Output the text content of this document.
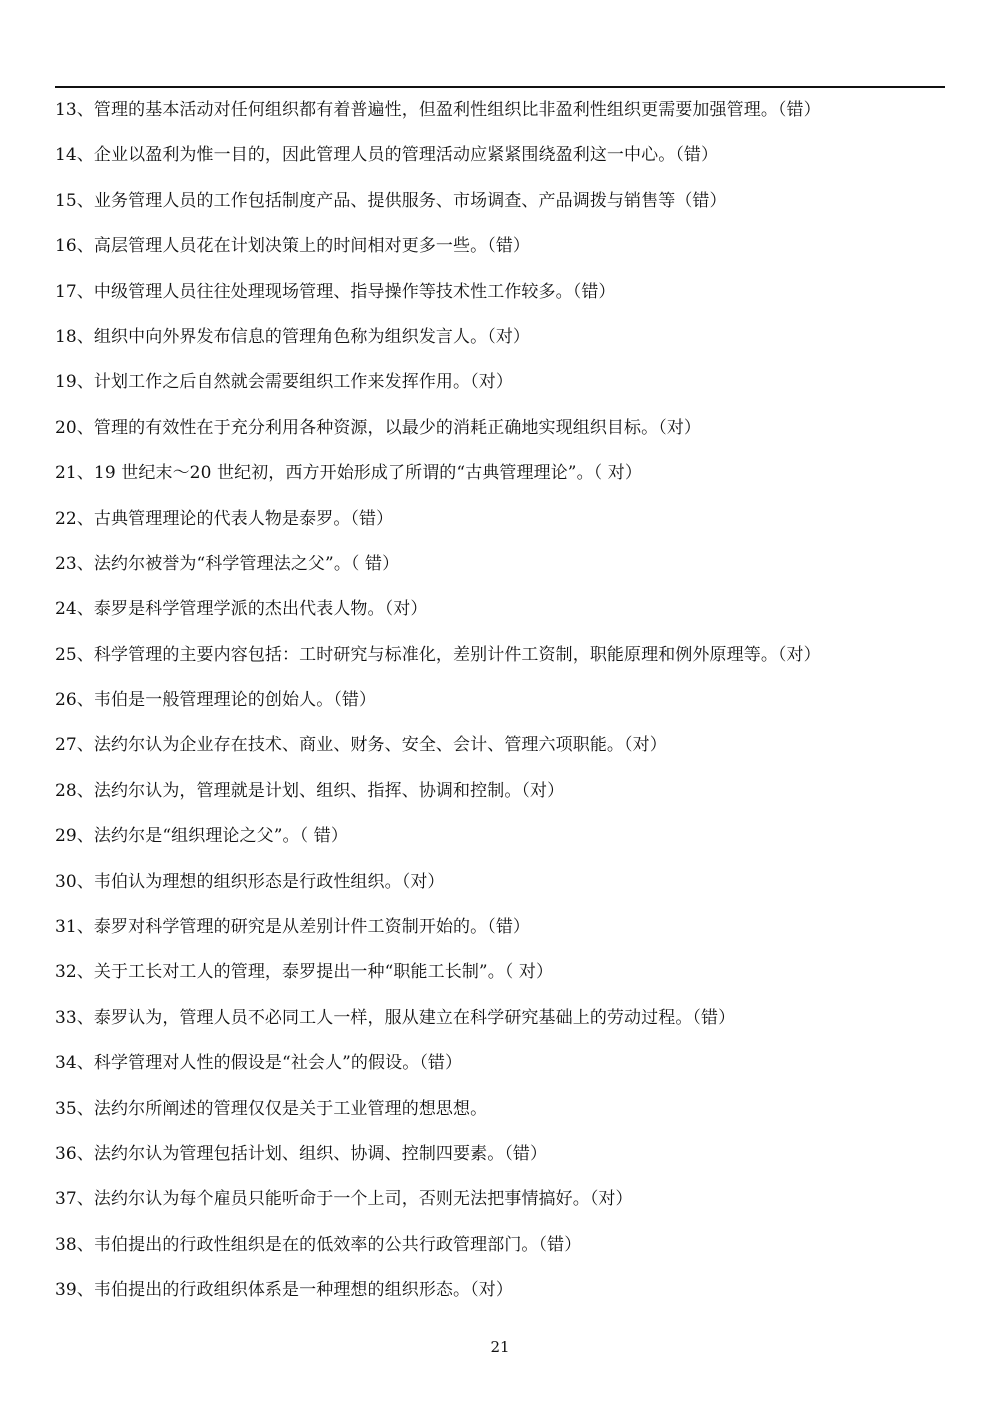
13、管理的基本活动对任何组织都有着普遍性，但盈利性组织比非盈利性组织更需要加强管理。（错）
14、企业以盈利为惟一目的，因此管理人员的管理活动应紧紧围绕盈利这一中心。（错）
15、业务管理人员的工作包括制度产品、提供服务、市场调查、产品调拨与销售等（错）
16、高层管理人员花在计划决策上的时间相对更多一些。（错）
17、中级管理人员往往处理现场管理、指导操作等技术性工作较多。（错）
18、组织中向外界发布信息的管理角色称为组织发言人。（对）
19、计划工作之后自然就会需要组织工作来发挥作用。（对）
20、管理的有效性在于充分利用各种资源，以最少的消耗正确地实现组织目标。（对）
21、19 世纪末～20 世纪初，西方开始形成了所谓的“古典管理理论”。（ 对）
22、古典管理理论的代表人物是泰罗。（错）
23、法约尔被誉为“科学管理法之父”。（ 错）
24、泰罗是科学管理学派的杰出代表人物。（对）
25、科学管理的主要内容包括：工时研究与标准化，差别计件工资制，职能原理和例外原理等。（对）
26、韦伯是一般管理理论的创始人。（错）
27、法约尔认为企业存在技术、商业、财务、安全、会计、管理六项职能。（对）
28、法约尔认为，管理就是计划、组织、指挥、协调和控制。（对）
29、法约尔是“组织理论之父”。（ 错）
30、韦伯认为理想的组织形态是行政性组织。（对）
31、泰罗对科学管理的研究是从差别计件工资制开始的。（错）
32、关于工长对工人的管理，泰罗提出一种“职能工长制”。（ 对）
33、泰罗认为，管理人员不必同工人一样，服从建立在科学研究基础上的劳动过程。（错）
34、科学管理对人性的假设是“社会人”的假设。（错）
35、法约尔所阐述的管理仅仅是关于工业管理的想思想。
36、法约尔认为管理包括计划、组织、协调、控制四要素。（错）
37、法约尔认为每个雇员只能听命于一个上司，否则无法把事情搞好。（对）
38、韦伯提出的行政性组织是在的低效率的公共行政管理部门。（错）
39、韦伯提出的行政组织体系是一种理想的组织形态。（对）
21
